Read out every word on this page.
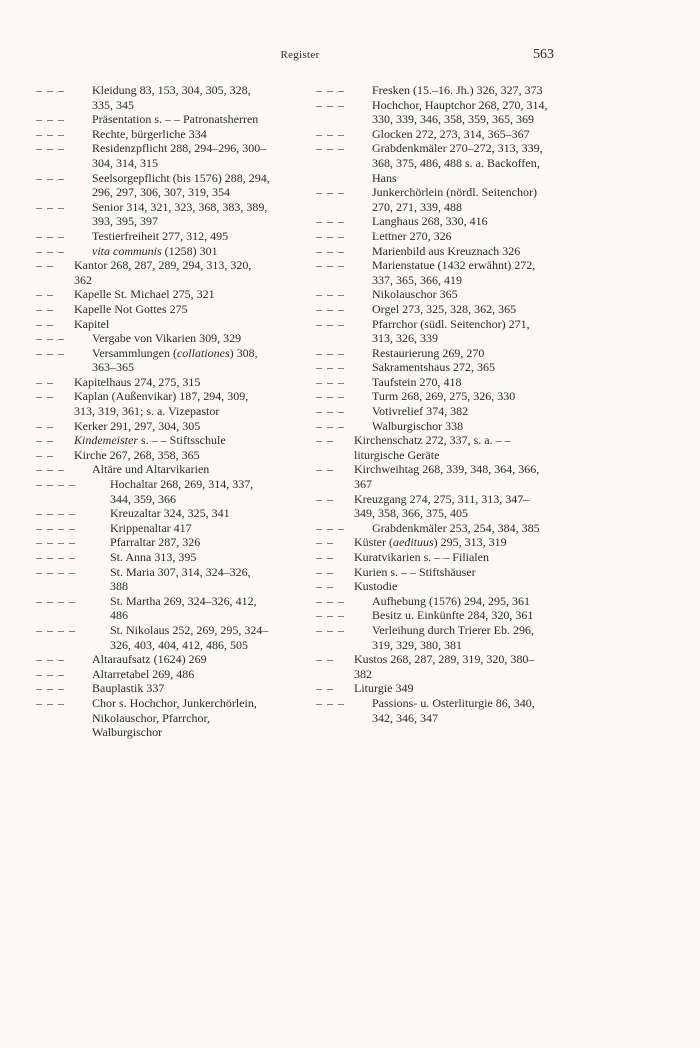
Register	563
– – – Kleidung 83, 153, 304, 305, 328, 335, 345
– – – Präsentation s. – – Patronatsherren
– – – Rechte, bürgerliche 334
– – – Residenzpflicht 288, 294–296, 300–304, 314, 315
– – – Seelsorgepflicht (bis 1576) 288, 294, 296, 297, 306, 307, 319, 354
– – – Senior 314, 321, 323, 368, 383, 389, 393, 395, 397
– – – Testierfreiheit 277, 312, 495
– – – vita communis (1258) 301
– – Kantor 268, 287, 289, 294, 313, 320, 362
– – Kapelle St. Michael 275, 321
– – Kapelle Not Gottes 275
– – Kapitel
– – – Vergabe von Vikarien 309, 329
– – – Versammlungen (collationes) 308, 363–365
– – Kapitelhaus 274, 275, 315
– – Kaplan (Außenvikar) 187, 294, 309, 313, 319, 361; s. a. Vizepastor
– – Kerker 291, 297, 304, 305
– – Kindemeister s. – – Stiftsschule
– – Kirche 267, 268, 358, 365
– – – Altäre und Altarvikarien
– – – –	Hochaltar 268, 269, 314, 337, 344, 359, 366
– – – –	Kreuzaltar 324, 325, 341
– – – –	Krippenaltar 417
– – – –	Pfarraltar 287, 326
– – – –	St. Anna 313, 395
– – – –	St. Maria 307, 314, 324–326, 388
– – – –	St. Martha 269, 324–326, 412, 486
– – – –	St. Nikolaus 252, 269, 295, 324–326, 403, 404, 412, 486, 505
– – – Altaraufsatz (1624) 269
– – – Altarretabel 269, 486
– – – Bauplastik 337
– – – Chor s. Hochchor, Junkerchörlein, Nikolauschor, Pfarrchor, Walburgischor
– – – Fresken (15.–16. Jh.) 326, 327, 373
– – – Hochchor, Hauptchor 268, 270, 314, 330, 339, 346, 358, 359, 365, 369
– – – Glocken 272, 273, 314, 365–367
– – – Grabdenkmäler 270–272, 313, 339, 368, 375, 486, 488 s. a. Backoffen, Hans
– – – Junkerchörlein (nördl. Seitenchor) 270, 271, 339, 488
– – – Langhaus 268, 330, 416
– – – Lettner 270, 326
– – – Marienbild aus Kreuznach 326
– – – Marienstatue (1432 erwähnt) 272, 337, 365, 366, 419
– – – Nikolauschor 365
– – – Orgel 273, 325, 328, 362, 365
– – – Pfarrchor (südl. Seitenchor) 271, 313, 326, 339
– – – Restaurierung 269, 270
– – – Sakramentshaus 272, 365
– – – Taufstein 270, 418
– – – Turm 268, 269, 275, 326, 330
– – – Votivrelief 374, 382
– – – Walburgischor 338
– – Kirchenschatz 272, 337, s. a. – – liturgische Geräte
– – Kirchweihtag 268, 339, 348, 364, 366, 367
– – Kreuzgang 274, 275, 311, 313, 347–349, 358, 366, 375, 405
– – – Grabdenkmäler 253, 254, 384, 385
– – Küster (aedituus) 295, 313, 319
– – Kuratvikarien s. – – Filialen
– – Kurien s. – – Stiftshäuser
– – Kustodie
– – – Aufhebung (1576) 294, 295, 361
– – – Besitz u. Einkünfte 284, 320, 361
– – – Verleihung durch Trierer Eb. 296, 319, 329, 380, 381
– – Kustos 268, 287, 289, 319, 320, 380–382
– – Liturgie 349
– – – Passions- u. Osterliturgie 86, 340, 342, 346, 347
